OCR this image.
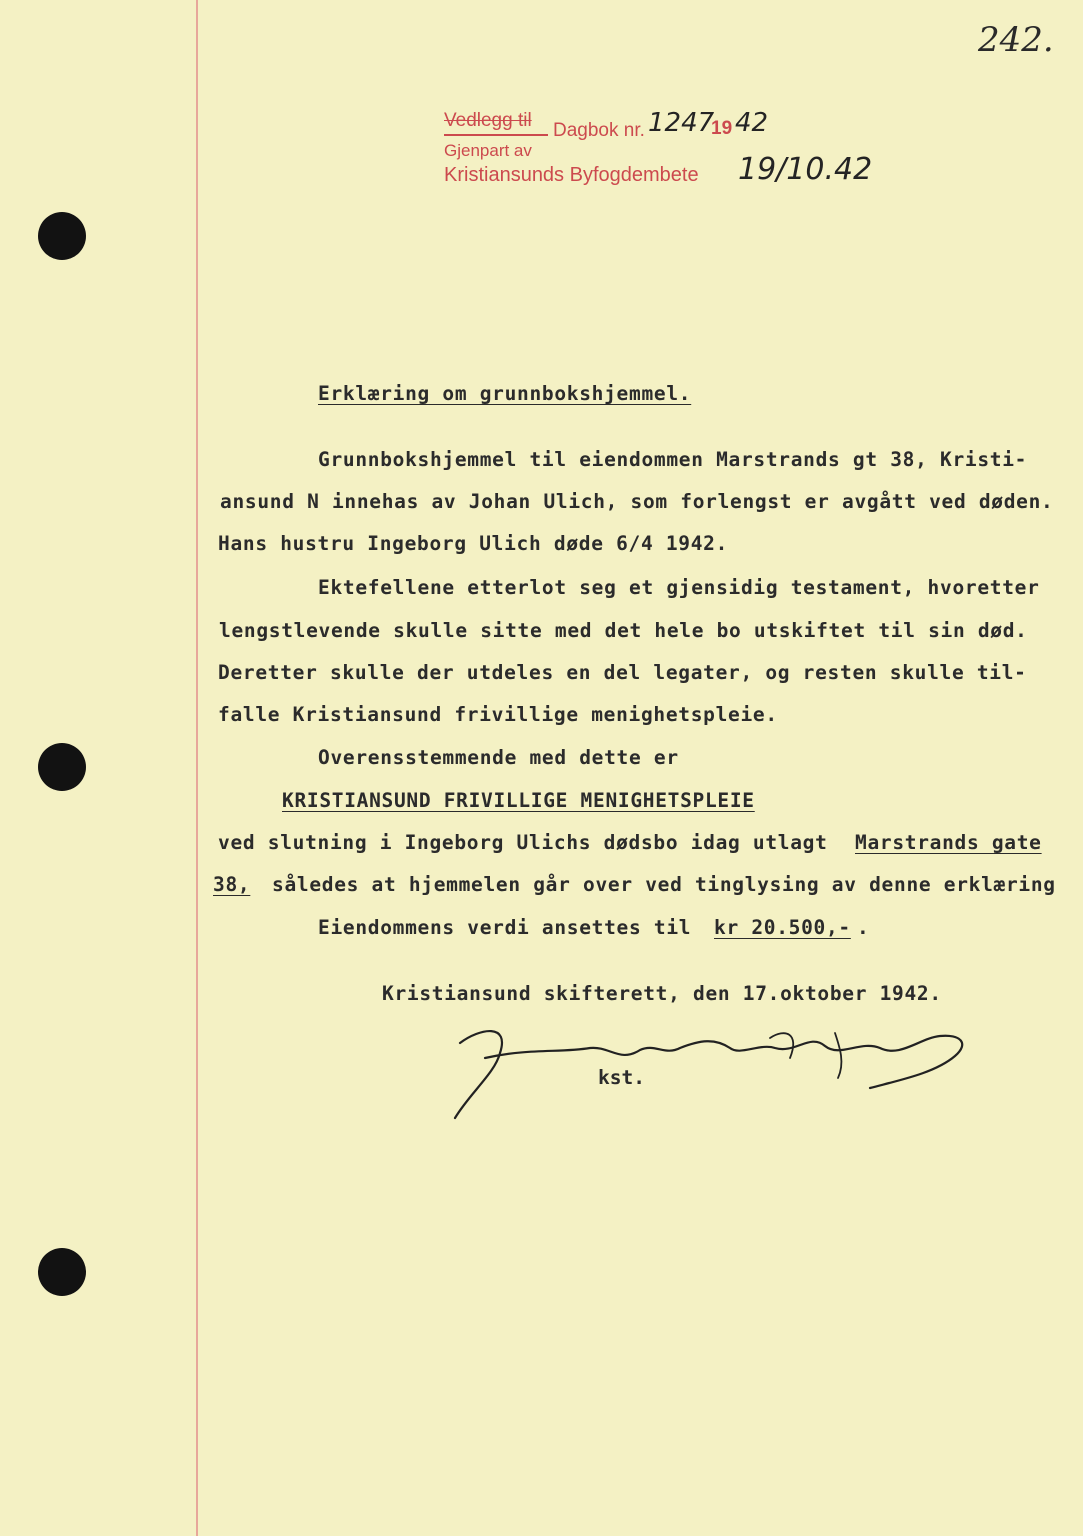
242.
Vedlegg til Dagbok nr. 1247
19 42
Gjenpart av
Kristiansunds Byfogdembete 19/10.42
Erklæring om grunnbokshjemmel.
Grunnbokshjemmel til eiendommen Marstrands gt 38, Kristi-
ansund N innehas av Johan Ulich, som forlengst er avgått ved døden.
Hans hustru Ingeborg Ulich døde 6/4 1942.
Ektefellene etterlot seg et gjensidig testament, hvoretter
lengstlevende skulle sitte med det hele bo utskiftet til sin død.
Deretter skulle der utdeles en del legater, og resten skulle til-
falle Kristiansund frivillige menighetspleie.
Overensstemmende med dette er
KRISTIANSUND FRIVILLIGE MENIGHETSPLEIE
ved slutning i Ingeborg Ulichs dødsbo idag utlagt Marstrands gate
38, således at hjemmelen går over ved tinglysing av denne erklæring
Eiendommens verdi ansettes til kr 20.500,- .
Kristiansund skifterett, den 17.oktober 1942.
kst.
